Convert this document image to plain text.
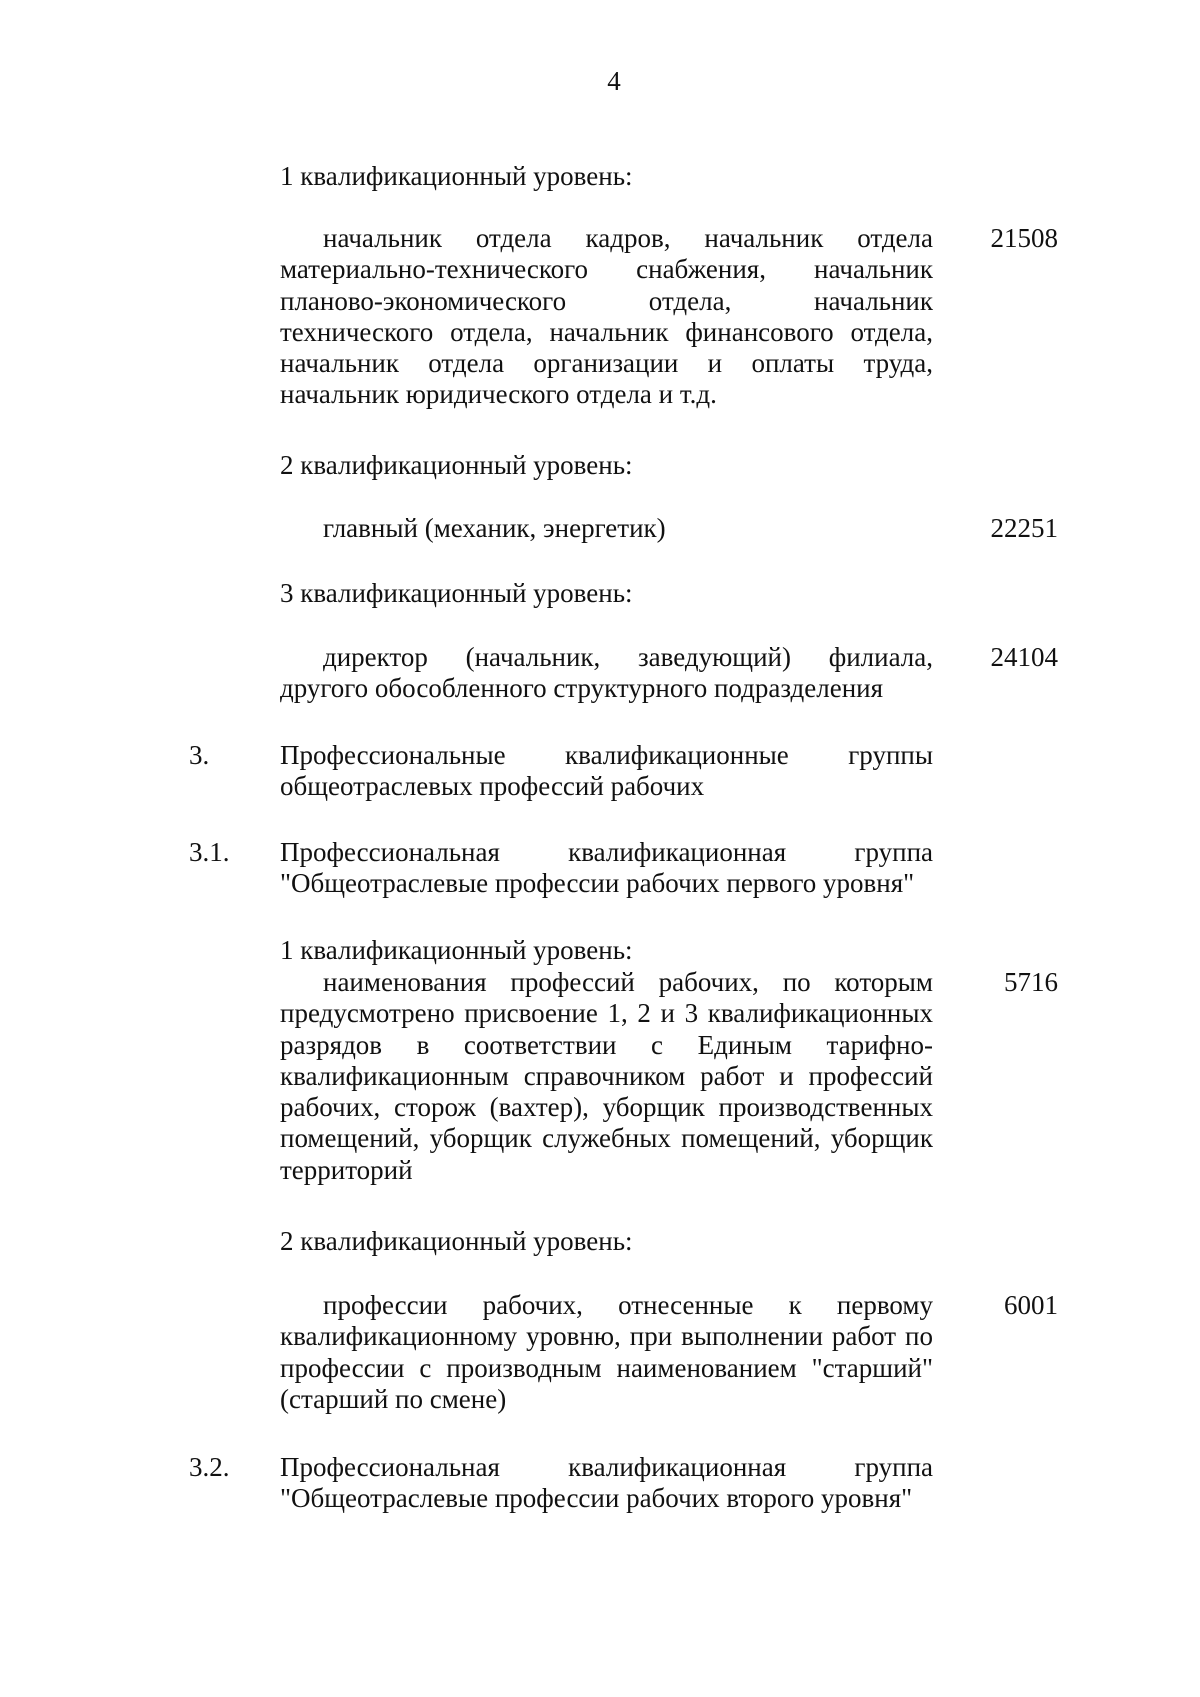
4
1 квалификационный уровень:

начальник отдела кадров, начальник отдела материально-технического снабжения, начальник планово-экономического отдела, начальник технического отдела, начальник финансового отдела, начальник отдела организации и оплаты труда, начальник юридического отдела и т.д.

21508
2 квалификационный уровень:

главный (механик, энергетик)	22251
3 квалификационный уровень:

директор (начальник, заведующий) филиала, другого обособленного структурного подразделения

24104
3.	Профессиональные квалификационные группы общеотраслевых профессий рабочих

3.1. Профессиональная квалификационная группа "Общеотраслевые профессии рабочих первого уровня"

1 квалификационный уровень:

наименования профессий рабочих, по которым предусмотрено присвоение 1, 2 и 3 квалификационных разрядов в соответствии с Единым тарифно-квалификационным справочником работ и профессий рабочих, сторож (вахтер), уборщик производственных помещений, уборщик служебных помещений, уборщик территорий

5716
2 квалификационный уровень:

профессии рабочих, отнесенные к первому квалификационному уровню, при выполнении работ по профессии с производным наименованием "старший" (старший по смене)

6001
3.2. Профессиональная квалификационная группа "Общеотраслевые профессии рабочих второго уровня"
